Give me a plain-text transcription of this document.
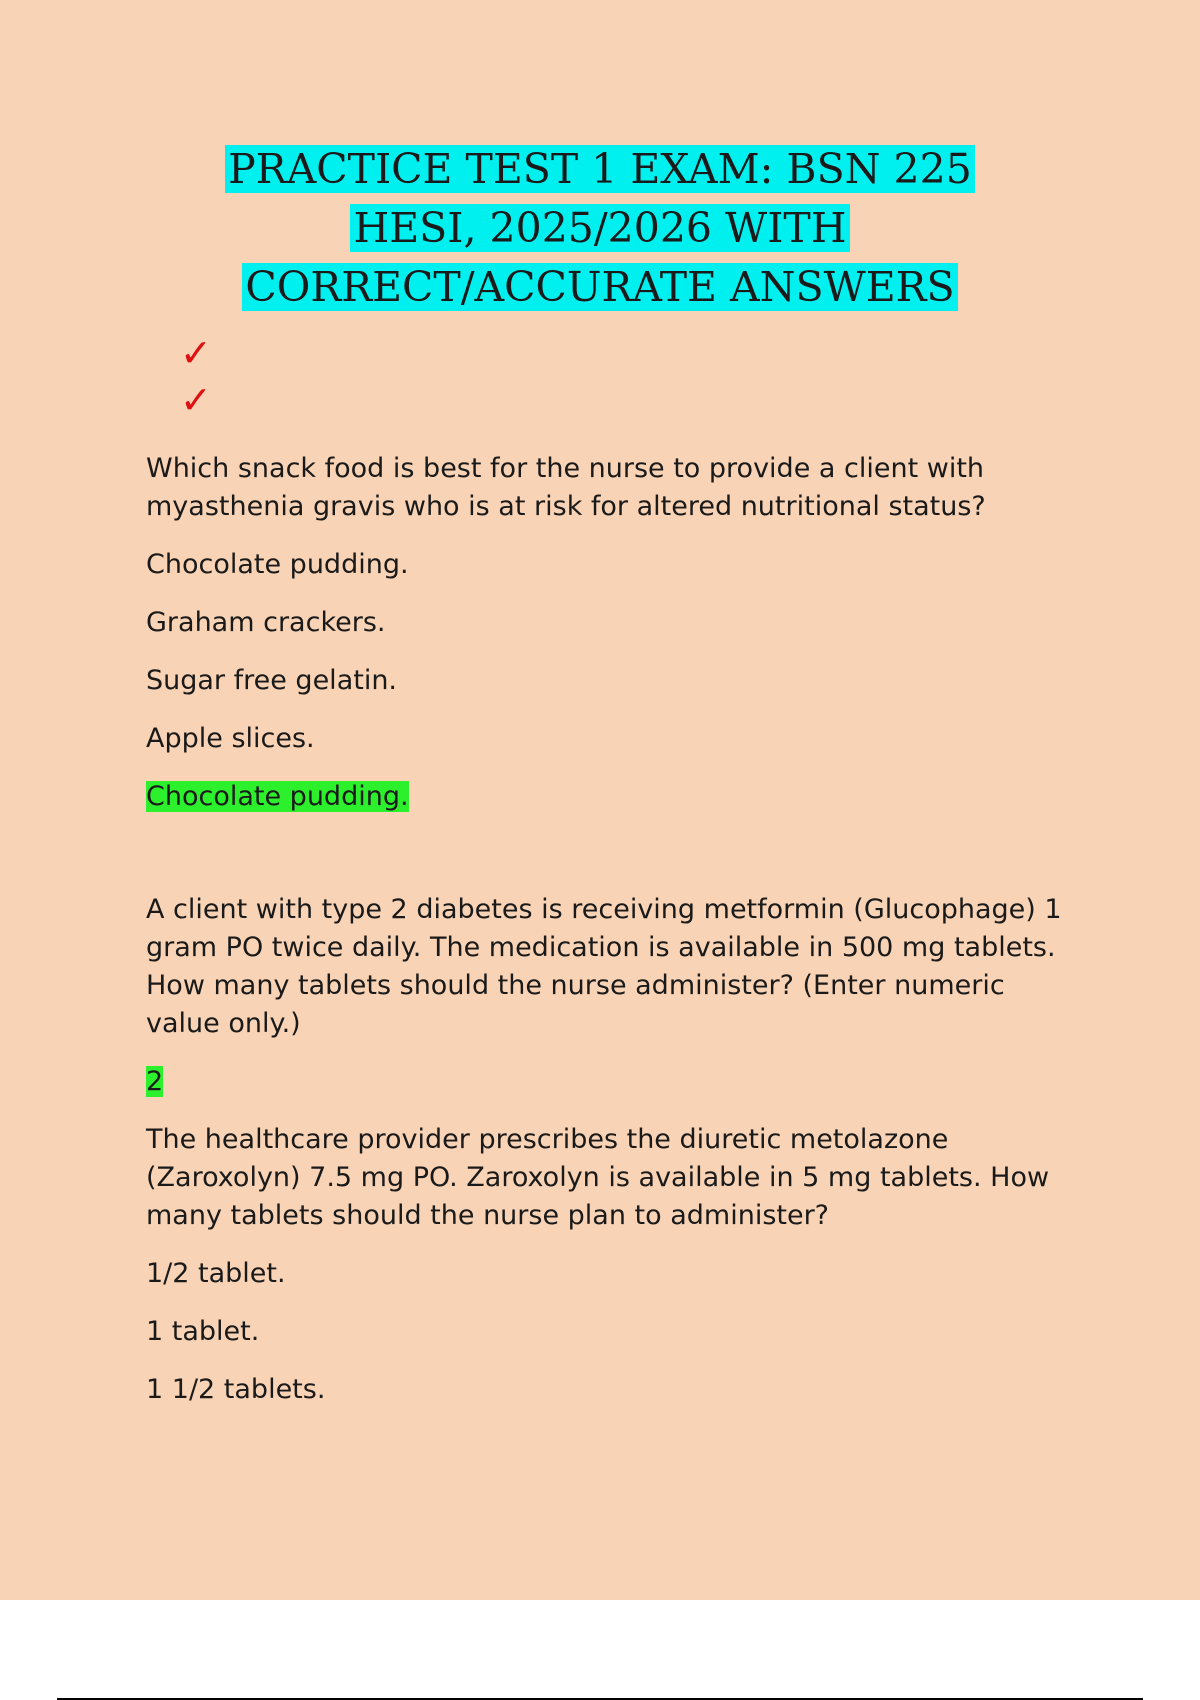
PRACTICE TEST 1 EXAM: BSN 225
HESI, 2025/2026 WITH
CORRECT/ACCURATE ANSWERS
✓
✓

Which snack food is best for the nurse to provide a client with myasthenia gravis who is at risk for altered nutritional status?

Chocolate pudding.

Graham crackers.

Sugar free gelatin.

Apple slices.

Chocolate pudding.

A client with type 2 diabetes is receiving metformin (Glucophage) 1 gram PO twice daily. The medication is available in 500 mg tablets. How many tablets should the nurse administer? (Enter numeric value only.)

2

The healthcare provider prescribes the diuretic metolazone (Zaroxolyn) 7.5 mg PO. Zaroxolyn is available in 5 mg tablets. How many tablets should the nurse plan to administer?

1/2 tablet.

1 tablet.

1 1/2 tablets.
